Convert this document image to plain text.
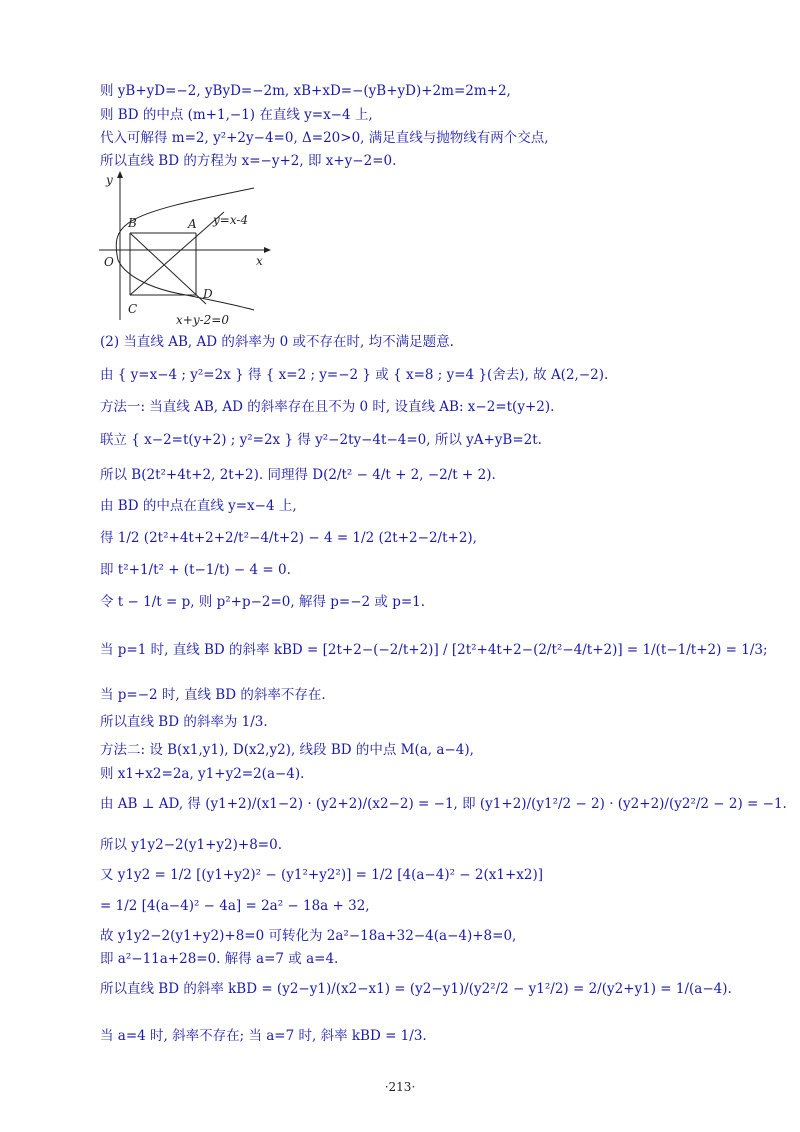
则 yB+yD=−2, yByD=−2m, xB+xD=−(yB+yD)+2m=2m+2,
则 BD 的中点 (m+1,−1) 在直线 y=x−4 上,
代入可解得 m=2, y²+2y−4=0, Δ=20>0, 满足直线与抛物线有两个交点,
所以直线 BD 的方程为 x=−y+2, 即 x+y−2=0.
y
x
O
B	A
C
D
y=x-4
x+y-2=0
(2) 当直线 AB, AD 的斜率为 0 或不存在时, 均不满足题意.
由 { y=x−4 ; y²=2x } 得 { x=2 ; y=−2 } 或 { x=8 ; y=4 }(舍去), 故 A(2,−2).
方法一: 当直线 AB, AD 的斜率存在且不为 0 时, 设直线 AB: x−2=t(y+2).
联立 { x−2=t(y+2) ; y²=2x } 得 y²−2ty−4t−4=0, 所以 yA+yB=2t.
所以 B(2t²+4t+2, 2t+2). 同理得 D(2/t² − 4/t + 2, −2/t + 2).
由 BD 的中点在直线 y=x−4 上,
得 1/2 (2t²+4t+2+2/t²−4/t+2) − 4 = 1/2 (2t+2−2/t+2),
即 t²+1/t² + (t−1/t) − 4 = 0.
令 t − 1/t = p, 则 p²+p−2=0, 解得 p=−2 或 p=1.
当 p=1 时, 直线 BD 的斜率 kBD = [2t+2−(−2/t+2)] / [2t²+4t+2−(2/t²−4/t+2)] = 1/(t−1/t+2) = 1/3;
当 p=−2 时, 直线 BD 的斜率不存在.
所以直线 BD 的斜率为 1/3.
方法二: 设 B(x1,y1), D(x2,y2), 线段 BD 的中点 M(a, a−4),
则 x1+x2=2a, y1+y2=2(a−4).
由 AB ⊥ AD, 得 (y1+2)/(x1−2) · (y2+2)/(x2−2) = −1, 即 (y1+2)/(y1²/2 − 2) · (y2+2)/(y2²/2 − 2) = −1.
所以 y1y2−2(y1+y2)+8=0.
又 y1y2 = 1/2 [(y1+y2)² − (y1²+y2²)] = 1/2 [4(a−4)² − 2(x1+x2)]
= 1/2 [4(a−4)² − 4a] = 2a² − 18a + 32,
故 y1y2−2(y1+y2)+8=0 可转化为 2a²−18a+32−4(a−4)+8=0,
即 a²−11a+28=0. 解得 a=7 或 a=4.
所以直线 BD 的斜率 kBD = (y2−y1)/(x2−x1) = (y2−y1)/(y2²/2 − y1²/2) = 2/(y2+y1) = 1/(a−4).
当 a=4 时, 斜率不存在; 当 a=7 时, 斜率 kBD = 1/3.
·213·
